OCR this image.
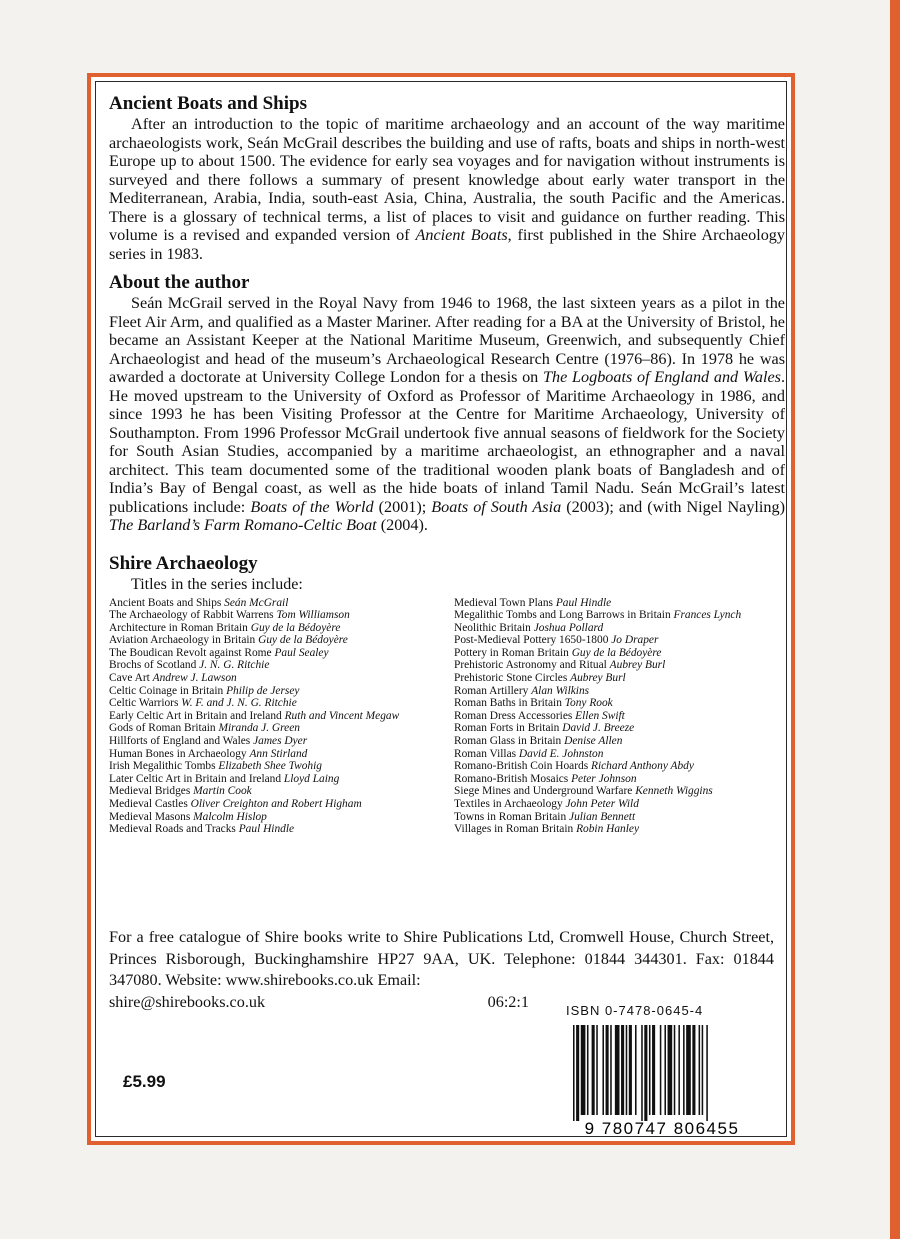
Ancient Boats and Ships

After an introduction to the topic of maritime archaeology and an account of the way maritime archaeologists work, Seán McGrail describes the building and use of rafts, boats and ships in north-west Europe up to about 1500. The evidence for early sea voyages and for navigation without instruments is surveyed and there follows a summary of present knowledge about early water transport in the Mediterranean, Arabia, India, south-east Asia, China, Australia, the south Pacific and the Americas. There is a glossary of technical terms, a list of places to visit and guidance on further reading. This volume is a revised and expanded version of Ancient Boats, first published in the Shire Archaeology series in 1983.

About the author

Seán McGrail served in the Royal Navy from 1946 to 1968, the last sixteen years as a pilot in the Fleet Air Arm, and qualified as a Master Mariner. After reading for a BA at the University of Bristol, he became an Assistant Keeper at the National Maritime Museum, Greenwich, and subsequently Chief Archaeologist and head of the museum’s Archaeological Research Centre (1976–86). In 1978 he was awarded a doctorate at University College London for a thesis on The Logboats of England and Wales. He moved upstream to the University of Oxford as Professor of Maritime Archaeology in 1986, and since 1993 he has been Visiting Professor at the Centre for Maritime Archaeology, University of Southampton. From 1996 Professor McGrail undertook five annual seasons of fieldwork for the Society for South Asian Studies, accompanied by a maritime archaeologist, an ethnographer and a naval architect. This team documented some of the traditional wooden plank boats of Bangladesh and of India’s Bay of Bengal coast, as well as the hide boats of inland Tamil Nadu. Seán McGrail’s latest publications include: Boats of the World (2001); Boats of South Asia (2003); and (with Nigel Nayling) The Barland’s Farm Romano-Celtic Boat (2004).

Shire Archaeology
Titles in the series include:
Ancient Boats and Ships Seán McGrail
The Archaeology of Rabbit Warrens Tom Williamson
Architecture in Roman Britain Guy de la Bédoyère
Aviation Archaeology in Britain Guy de la Bédoyère
The Boudican Revolt against Rome Paul Sealey
Brochs of Scotland J. N. G. Ritchie
Cave Art Andrew J. Lawson
Celtic Coinage in Britain Philip de Jersey
Celtic Warriors W. F. and J. N. G. Ritchie
Early Celtic Art in Britain and Ireland Ruth and Vincent Megaw
Gods of Roman Britain Miranda J. Green
Hillforts of England and Wales James Dyer
Human Bones in Archaeology Ann Stirland
Irish Megalithic Tombs Elizabeth Shee Twohig
Later Celtic Art in Britain and Ireland Lloyd Laing
Medieval Bridges Martin Cook
Medieval Castles Oliver Creighton and Robert Higham
Medieval Masons Malcolm Hislop
Medieval Roads and Tracks Paul Hindle
Medieval Town Plans Paul Hindle
Megalithic Tombs and Long Barrows in Britain Frances Lynch
Neolithic Britain Joshua Pollard
Post-Medieval Pottery 1650-1800 Jo Draper
Pottery in Roman Britain Guy de la Bédoyère
Prehistoric Astronomy and Ritual Aubrey Burl
Prehistoric Stone Circles Aubrey Burl
Roman Artillery Alan Wilkins
Roman Baths in Britain Tony Rook
Roman Dress Accessories Ellen Swift
Roman Forts in Britain David J. Breeze
Roman Glass in Britain Denise Allen
Roman Villas David E. Johnston
Romano-British Coin Hoards Richard Anthony Abdy
Romano-British Mosaics Peter Johnson
Siege Mines and Underground Warfare Kenneth Wiggins
Textiles in Archaeology John Peter Wild
Towns in Roman Britain Julian Bennett
Villages in Roman Britain Robin Hanley
For a free catalogue of Shire books write to Shire Publications Ltd, Cromwell House, Church Street, Princes Risborough, Buckinghamshire HP27 9AA, UK. Telephone: 01844 344301. Fax: 01844 347080. Website: www.shirebooks.co.uk Email:
shire@shirebooks.co.uk	06:2:1	ISBN 0-7478-0645-4
9 780747 806455
£5.99
